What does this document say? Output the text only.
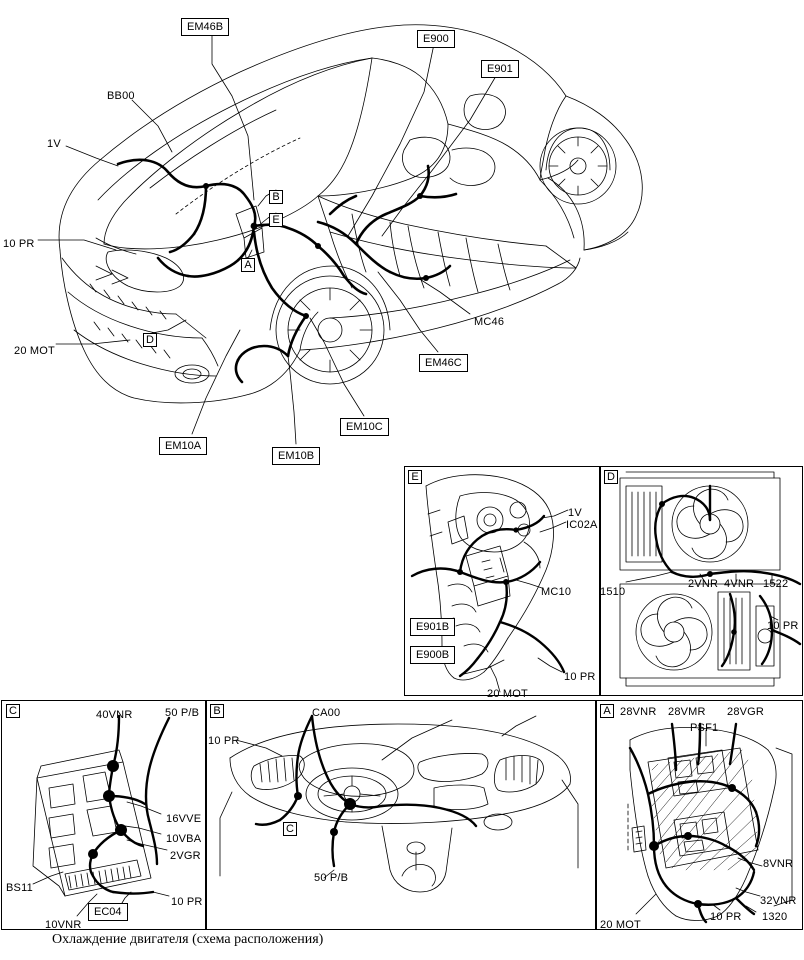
E	D
C	B	A
EM46B
E900
E901
BB00
1V
10 PR
20 MOT
MC46
EM46C
EM10C
EM10A
EM10B
B
E
A
D
1V
IC02A
MC10
E901B
E900B
10 PR
20 MOT
1510
2VNR 4VNR 1522
10 PR
40VNR	50 P/B
16VVE
10VBA
2VGR
10 PR
BS11
10VNR
EC04
CA00
10 PR
50 P/B
C
28VNR 28VMR 28VGR
PSF1
8VNR
32VNR
20 MOT
10 PR 1320
Охлаждение двигателя (схема расположения)
